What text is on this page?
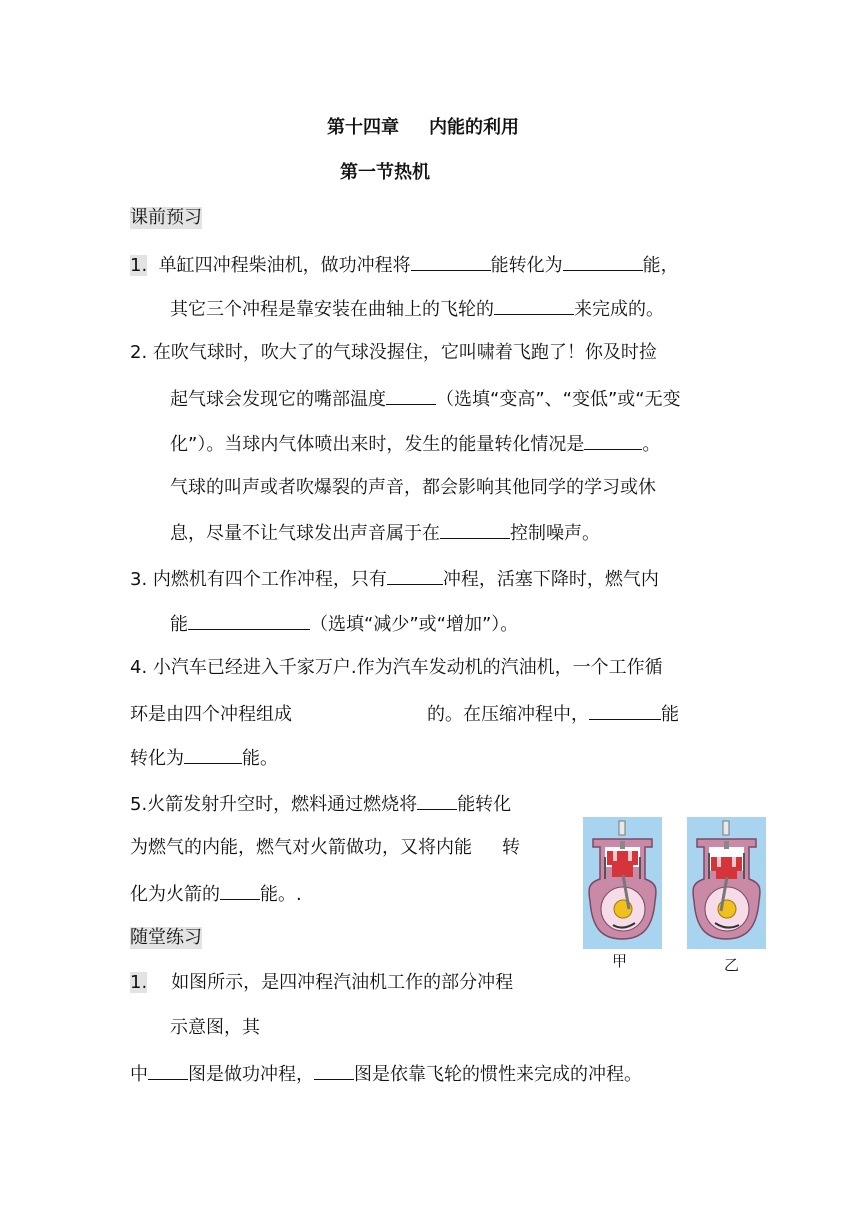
第十四章 内能的利用
第一节热机
课前预习
1. 单缸四冲程柴油机，做功冲程将	能转化为	能，
其它三个冲程是靠安装在曲轴上的飞轮的	来完成的。
2. 在吹气球时，吹大了的气球没握住，它叫啸着飞跑了！你及时捡
起气球会发现它的嘴部温度	（选填“变高”、“变低”或“无变
化”）。当球内气体喷出来时，发生的能量转化情况是	。
气球的叫声或者吹爆裂的声音，都会影响其他同学的学习或休
息，尽量不让气球发出声音属于在	控制噪声。
3. 内燃机有四个工作冲程，只有	冲程，活塞下降时，燃气内
能	（选填“减少”或“增加”）。
4. 小汽车已经进入千家万户.作为汽车发动机的汽油机，一个工作循
环是由四个冲程组成	的。在压缩冲程中，	能
转化为	能。
5.火箭发射升空时，燃料通过燃烧将 能转化
为燃气的内能，燃气对火箭做功，又将内能 转
化为火箭的 能。.
随堂练习
1. 如图所示，是四冲程汽油机工作的部分冲程
示意图，其
中 图是做功冲程， 图是依靠飞轮的惯性来完成的冲程。
甲	乙
